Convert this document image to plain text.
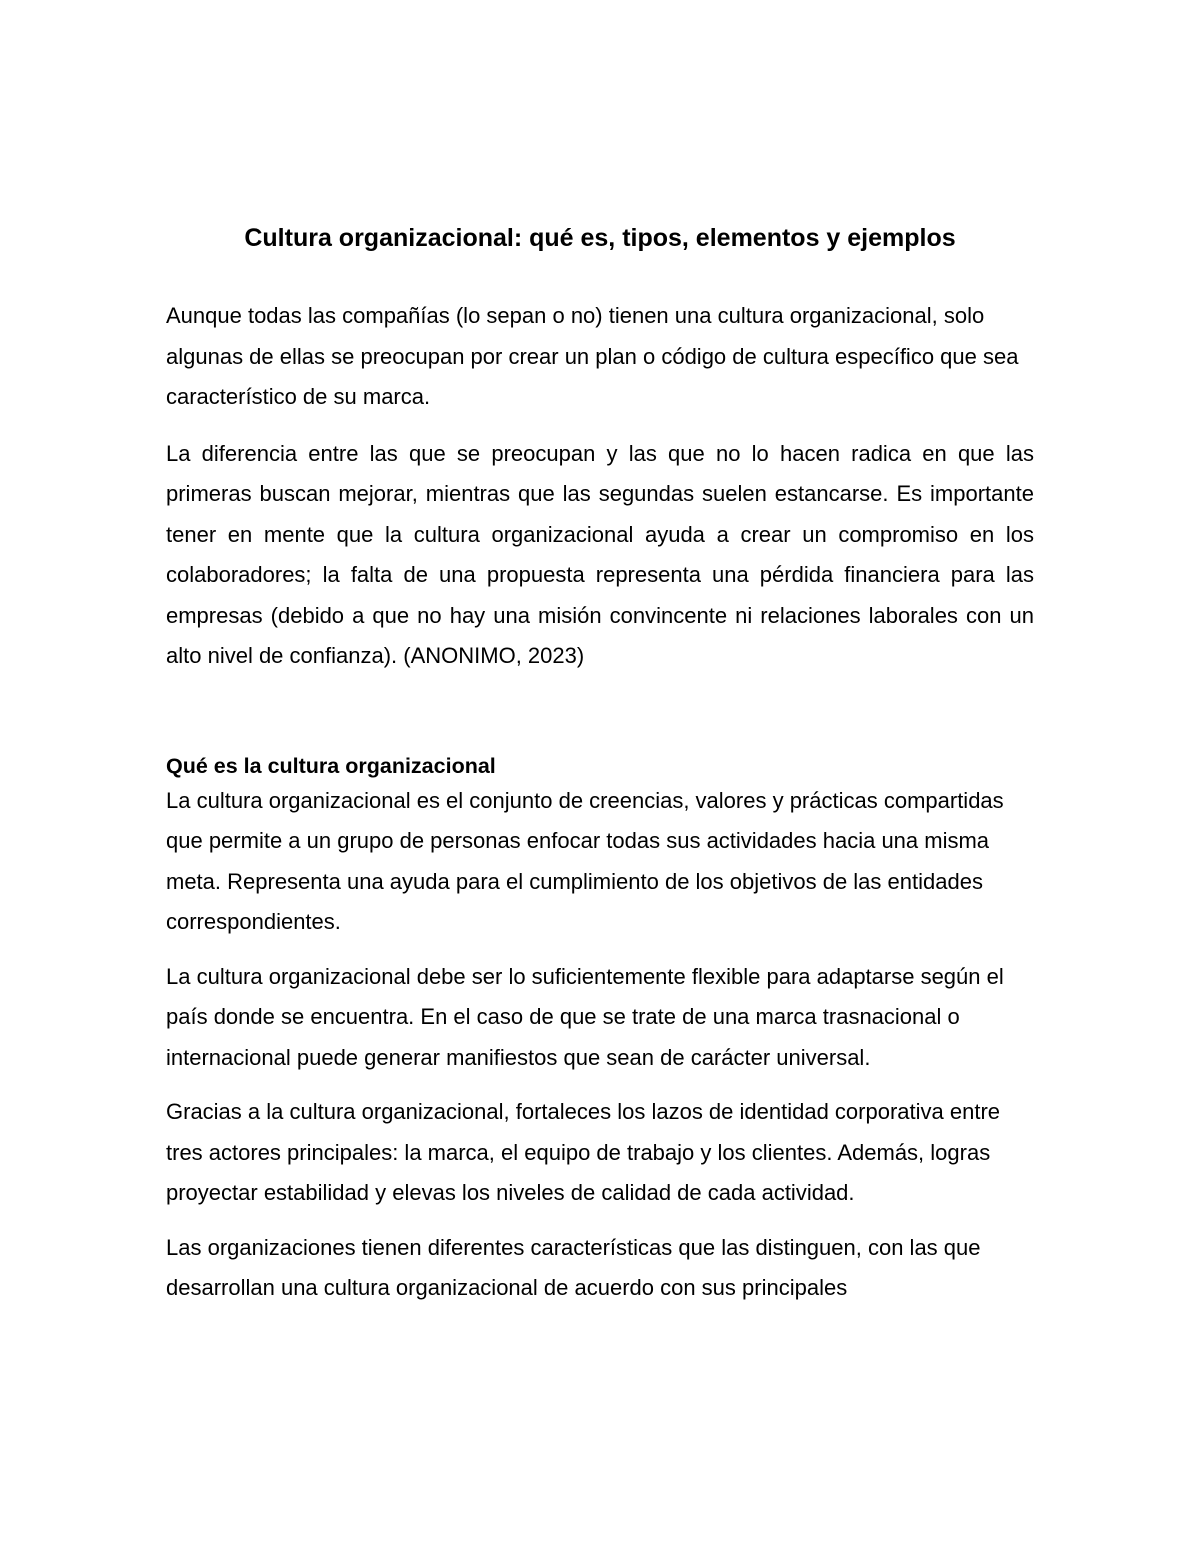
Cultura organizacional: qué es, tipos, elementos y ejemplos

Aunque todas las compañías (lo sepan o no) tienen una cultura organizacional, solo algunas de ellas se preocupan por crear un plan o código de cultura específico que sea característico de su marca.

La diferencia entre las que se preocupan y las que no lo hacen radica en que las primeras buscan mejorar, mientras que las segundas suelen estancarse. Es importante tener en mente que la cultura organizacional ayuda a crear un compromiso en los colaboradores; la falta de una propuesta representa una pérdida financiera para las empresas (debido a que no hay una misión convincente ni relaciones laborales con un alto nivel de confianza). (ANONIMO, 2023)

Qué es la cultura organizacional

La cultura organizacional es el conjunto de creencias, valores y prácticas compartidas que permite a un grupo de personas enfocar todas sus actividades hacia una misma meta. Representa una ayuda para el cumplimiento de los objetivos de las entidades correspondientes.

La cultura organizacional debe ser lo suficientemente flexible para adaptarse según el país donde se encuentra. En el caso de que se trate de una marca trasnacional o internacional puede generar manifiestos que sean de carácter universal.

Gracias a la cultura organizacional, fortaleces los lazos de identidad corporativa entre tres actores principales: la marca, el equipo de trabajo y los clientes. Además, logras proyectar estabilidad y elevas los niveles de calidad de cada actividad.

Las organizaciones tienen diferentes características que las distinguen, con las que desarrollan una cultura organizacional de acuerdo con sus principales
